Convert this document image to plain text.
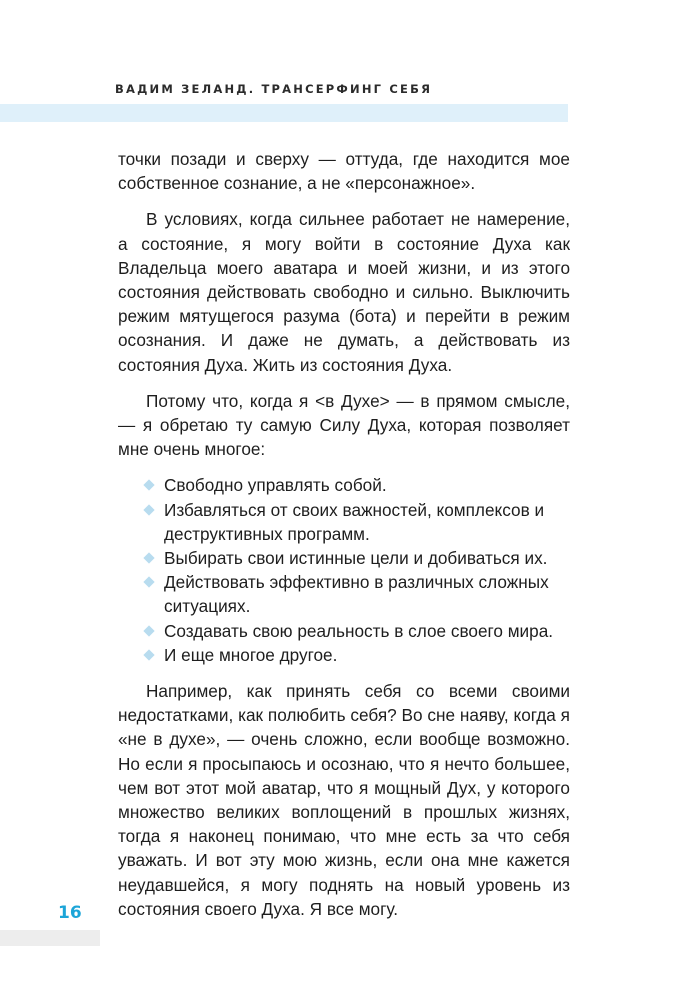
ВАДИМ ЗЕЛАНД. ТРАНСЕРФИНГ СЕБЯ

точки позади и сверху — оттуда, где находится мое собственное сознание, а не «персонажное».

В условиях, когда сильнее работает не намерение, а состояние, я могу войти в состояние Духа как Владельца моего аватара и моей жизни, и из этого состояния действовать свободно и сильно. Выключить режим мятущегося разума (бота) и перейти в режим осознания. И даже не думать, а действовать из состояния Духа. Жить из состояния Духа.

Потому что, когда я <в Духе> — в прямом смысле, — я обретаю ту самую Силу Духа, которая позволяет мне очень многое:

Свободно управлять собой.
Избавляться от своих важностей, комплексов и деструктивных программ.
Выбирать свои истинные цели и добиваться их.
Действовать эффективно в различных сложных ситуациях.
Создавать свою реальность в слое своего мира.
И еще многое другое.

Например, как принять себя со всеми своими недостатками, как полюбить себя? Во сне наяву, когда я «не в духе», — очень сложно, если вообще возможно. Но если я просыпаюсь и осознаю, что я нечто большее, чем вот этот мой аватар, что я мощный Дух, у которого множество великих воплощений в прошлых жизнях, тогда я наконец понимаю, что мне есть за что себя уважать. И вот эту мою жизнь, если она мне кажется неудавшейся, я могу поднять на новый уровень из состояния своего Духа. Я все могу.

16
